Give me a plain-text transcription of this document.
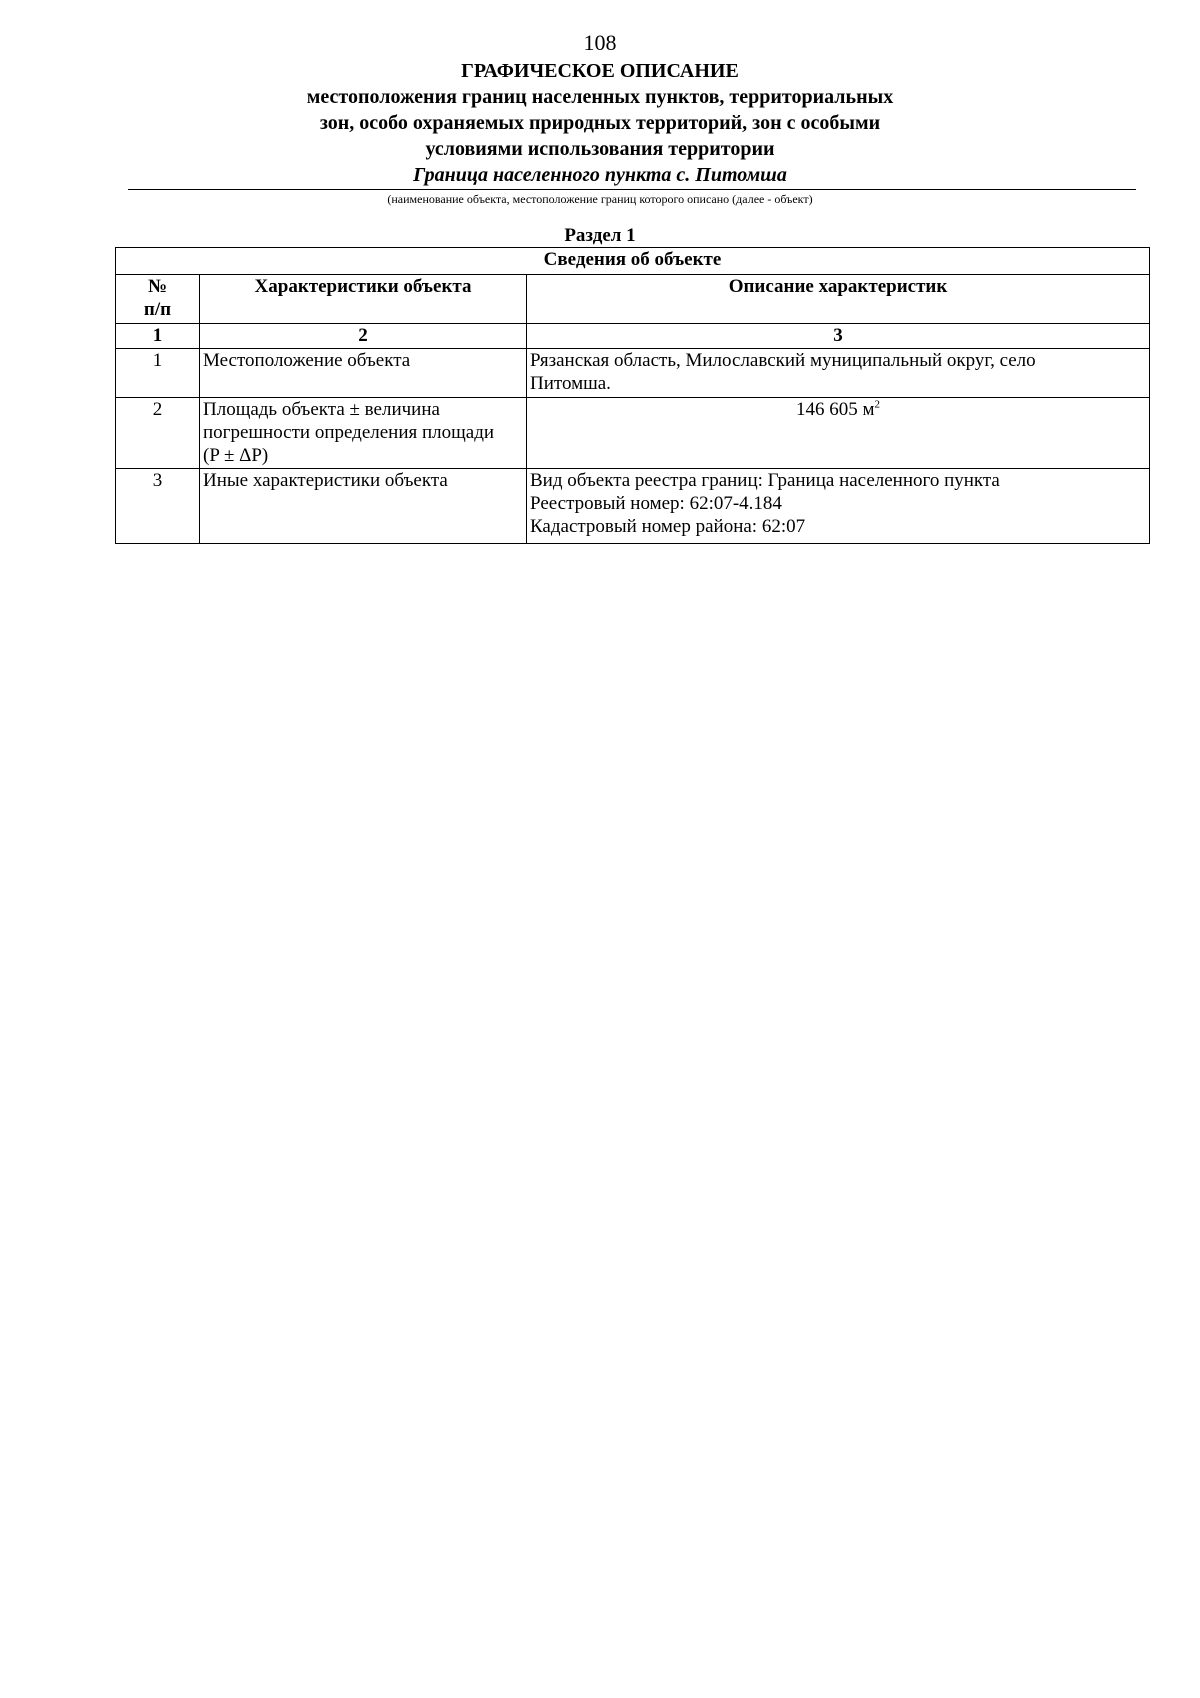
108
ГРАФИЧЕСКОЕ ОПИСАНИЕ
местоположения границ населенных пунктов, территориальных
зон, особо охраняемых природных территорий, зон с особыми
условиями использования территории
Граница населенного пункта с. Питомша
(наименование объекта, местоположение границ которого описано (далее - объект)
Раздел 1
Сведения об объекте		

№
п/п	Характеристики объекта	Описание характеристик
1	2	3
1	Местоположение объекта	Рязанская область, Милославский муниципальный округ, село
Питомша.

2	Площадь объекта ± величина
погрешности определения площади
(P ± ΔP)	146 605 $м^2$
3	Иные характеристики объекта	Вид объекта реестра границ: Граница населенного пункта
Реестровый номер: 62:07-4.184
Кадастровый номер района: 62:07
